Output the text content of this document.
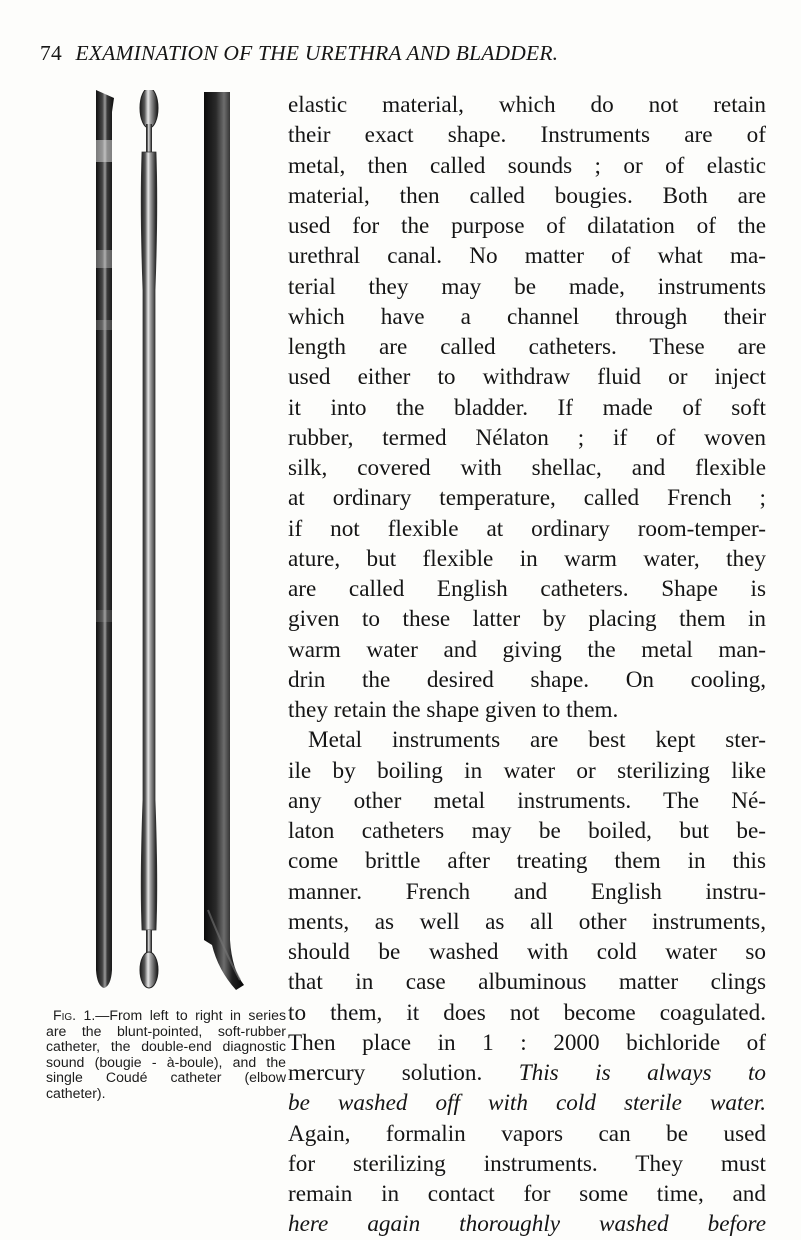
74 EXAMINATION OF THE URETHRA AND BLADDER.

Fig. 1.—From left to right in series are the blunt-pointed, soft-rubber catheter, the double-end diagnostic sound (bougie - à-boule), and the single Coudé catheter (elbow catheter).

elastic material, which do not retain
their exact shape. Instruments are of
metal, then called sounds ; or of elastic
material, then called bougies. Both are
used for the purpose of dilatation of the
urethral canal. No matter of what ma-
terial they may be made, instruments
which have a channel through their
length are called catheters. These are
used either to withdraw fluid or inject
it into the bladder. If made of soft
rubber, termed Nélaton ; if of woven
silk, covered with shellac, and flexible
at ordinary temperature, called French ;
if not flexible at ordinary room-temper-
ature, but flexible in warm water, they
are called English catheters. Shape is
given to these latter by placing them in
warm water and giving the metal man-
drin the desired shape. On cooling,
they retain the shape given to them.
Metal instruments are best kept ster-
ile by boiling in water or sterilizing like
any other metal instruments. The Né-
laton catheters may be boiled, but be-
come brittle after treating them in this
manner. French and English instru-
ments, as well as all other instruments,
should be washed with cold water so
that in case albuminous matter clings
to them, it does not become coagulated.
Then place in 1 : 2000 bichloride of
mercury solution. This is always to
be washed off with cold sterile water.
Again, formalin vapors can be used
for sterilizing instruments. They must
remain in contact for some time, and
here again thoroughly washed before
